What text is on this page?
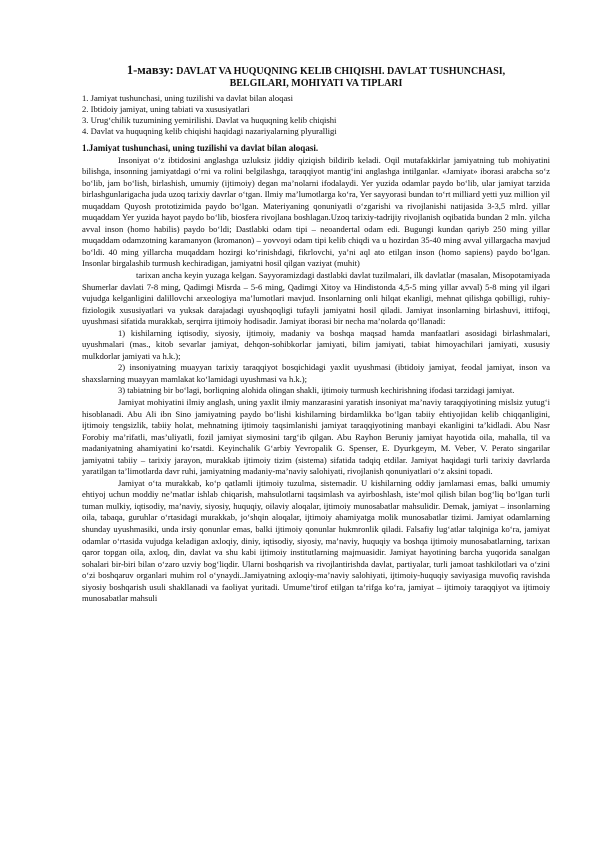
1-мавзу: DAVLAT VA HUQUQNING KELIB CHIQISHI. DAVLAT TUSHUNCHASI,
BELGILARI, MOHIYATI VA TIPLARI
1. Jamiyat tushunchasi, uning tuzilishi va davlat bilan aloqasi
2. Ibtidoiy jamiyat, uning tabiati va xususiyatlari
3. Urug‘chilik tuzumining yemirilishi. Davlat va huquqning kelib chiqishi
4. Davlat va huquqning kelib chiqishi haqidagi nazariyalarning plyuralligi
1.Jamiyat tushunchasi, uning tuzilishi va davlat bilan aloqasi.

Insoniyat o‘z ibtidosini anglashga uzluksiz jiddiy qiziqish bildirib keladi. Oqil mutafakkirlar jamiyatning tub mohiyatini bilishga, insonning jamiyatdagi o‘rni va rolini belgilashga, taraqqiyot mantig‘ini anglashga intilganlar. «Jamiyat» iborasi arabcha so‘z bo‘lib, jam bo‘lish, birlashish, umumiy (ijtimoiy) degan ma’nolarni ifodalaydi. Yer yuzida odamlar paydo bo‘lib, ular jamiyat tarzida birlashgunlarigacha juda uzoq tarixiy davrlar o‘tgan. Ilmiy ma’lumotlarga ko‘ra, Yer sayyorasi bundan to‘rt milliard yetti yuz million yil muqaddam Quyosh prototizimida paydo bo‘lgan. Materiyaning qonuniyatli o‘zgarishi va rivojlanishi natijasida 3-3,5 mlrd. yillar muqaddam Yer yuzida hayot paydo bo‘lib, biosfera rivojlana boshlagan.Uzoq tarixiy-tadrijiy rivojlanish oqibatida bundan 2 mln. yilcha avval inson (homo habilis) paydo bo‘ldi; Dastlabki odam tipi – neoandertal odam edi. Bugungi kundan qariyb 250 ming yillar muqaddam odamzotning karamanyon (kromanon) – yovvoyi odam tipi kelib chiqdi va u hozirdan 35-40 ming avval yillargacha mavjud bo‘ldi. 40 ming yillarcha muqaddam hozirgi ko‘rinishdagi, fikrlovchi, ya’ni aql ato etilgan inson (homo sapiens) paydo bo‘lgan. Insonlar birgalashib turmush kechiradigan, jamiyatni hosil qilgan vaziyat (muhit)

tarixan ancha keyin yuzaga kelgan. Sayyoramizdagi dastlabki davlat tuzilmalari, ilk davlatlar (masalan, Misopotamiyada Shumerlar davlati 7-8 ming, Qadimgi Misrda – 5-6 ming, Qadimgi Xitoy va Hindistonda 4,5-5 ming yillar avval) 5-8 ming yil ilgari vujudga kelganligini dalillovchi arxeologiya ma’lumotlari mavjud. Insonlarning onli hilqat ekanligi, mehnat qilishga qobilligi, ruhiy-fiziologik xususiyatlari va yuksak darajadagi uyushqoqligi tufayli jamiyatni hosil qiladi. Jamiyat insonlarning birlashuvi, ittifoqi, uyushmasi sifatida murakkab, serqirra ijtimoiy hodisadir. Jamiyat iborasi bir necha ma’nolarda qo‘llanadi:

1) kishilarning iqtisodiy, siyosiy, ijtimoiy, madaniy va boshqa maqsad hamda manfaatlari asosidagi birlashmalari, uyushmalari (mas., kitob sevarlar jamiyat, dehqon-sohibkorlar jamiyati, bilim jamiyati, tabiat himoyachilari jamiyati, xususiy mulkdorlar jamiyati va h.k.);

2) insoniyatning muayyan tarixiy taraqqiyot bosqichidagi yaxlit uyushmasi (ibtidoiy jamiyat, feodal jamiyat, inson va shaxslarning muayyan mamlakat ko‘lamidagi uyushmasi va h.k.);

3) tabiatning bir bo‘lagi, borliqning alohida olingan shakli, ijtimoiy turmush kechirishning ifodasi tarzidagi jamiyat.

Jamiyat mohiyatini ilmiy anglash, uning yaxlit ilmiy manzarasini yaratish insoniyat ma’naviy taraqqiyotining mislsiz yutug‘i hisoblanadi. Abu Ali ibn Sino jamiyatning paydo bo‘lishi kishilarning birdamlikka bo‘lgan tabiiy ehtiyojidan kelib chiqqanligini, ijtimoiy tengsizlik, tabiiy holat, mehnatning ijtimoiy taqsimlanishi jamiyat taraqqiyotining manbayi ekanligini ta’kidladi. Abu Nasr Forobiy ma’rifatli, mas’uliyatli, fozil jamiyat siymosini targ‘ib qilgan. Abu Rayhon Beruniy jamiyat hayotida oila, mahalla, til va madaniyatning ahamiyatini ko‘rsatdi. Keyinchalik G‘arbiy Yevropalik G. Spenser, E. Dyurkgeym, M. Veber, V. Perato singarilar jamiyatni tabiiy – tarixiy jarayon, murakkab ijtimoiy tizim (sistema) sifatida tadqiq etdilar. Jamiyat haqidagi turli tarixiy davrlarda yaratilgan ta’limotlarda davr ruhi, jamiyatning madaniy-ma’naviy salohiyati, rivojlanish qonuniyatlari o‘z aksini topadi.

Jamiyat o‘ta murakkab, ko‘p qatlamli ijtimoiy tuzulma, sistemadir. U kishilarning oddiy jamlamasi emas, balki umumiy ehtiyoj uchun moddiy ne’matlar ishlab chiqarish, mahsulotlarni taqsimlash va ayirboshlash, iste’mol qilish bilan bog‘liq bo‘lgan turli tuman mulkiy, iqtisodiy, ma’naviy, siyosiy, huquqiy, oilaviy aloqalar, ijtimoiy munosabatlar mahsulidir. Demak, jamiyat – insonlarning oila, tabaqa, guruhlar o‘rtasidagi murakkab, jo‘shqin aloqalar, ijtimoiy ahamiyatga molik munosabatlar tizimi. Jamiyat odamlarning shunday uyushmasiki, unda irsiy qonunlar emas, balki ijtimoiy qonunlar hukmronlik qiladi. Falsafiy lug‘atlar talqiniga ko‘ra, jamiyat odamlar o‘rtasida vujudga keladigan axloqiy, diniy, iqtisodiy, siyosiy, ma’naviy, huquqiy va boshqa ijtimoiy munosabatlarning, tarixan qaror topgan oila, axloq, din, davlat va shu kabi ijtimoiy institutlarning majmuasidir. Jamiyat hayotining barcha yuqorida sanalgan sohalari bir-biri bilan o‘zaro uzviy bog‘liqdir. Ularni boshqarish va rivojlantirishda davlat, partiyalar, turli jamoat tashkilotlari va o‘zini o‘zi boshqaruv organlari muhim rol o‘ynaydi..Jamiyatning axloqiy-ma’naviy salohiyati, ijtimoiy-huquqiy saviyasiga muvofiq ravishda siyosiy boshqarish usuli shakllanadi va faoliyat yuritadi. Umume’tirof etilgan ta’rifga ko‘ra, jamiyat – ijtimoiy taraqqiyot va ijtimoiy munosabatlar mahsuli
